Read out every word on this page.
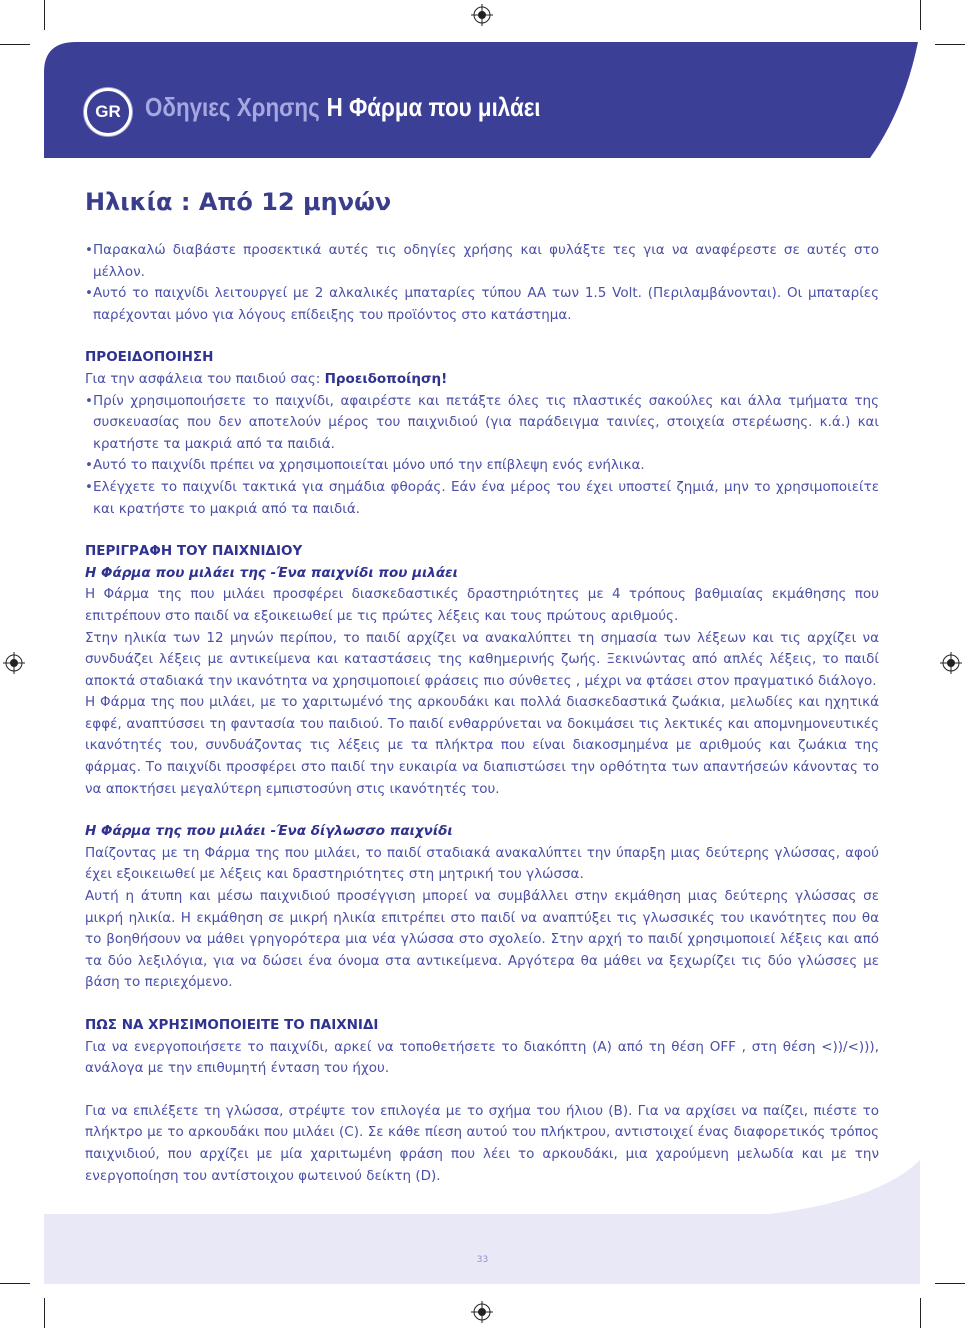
GR Οδηγιες Χρησης Η Φάρμα που μιλάει
Ηλικία : Από 12 μηνών

• Παρακαλώ διαβάστε προσεκτικά αυτές τις οδηγίες χρήσης και φυλάξτε τες για να αναφέρεστε σε αυτές στο μέλλον.

• Αυτό το παιχνίδι λειτουργεί με 2 αλκαλικές μπαταρίες τύπου AA των 1.5 Volt. (Περιλαμβάνονται). Οι μπαταρίες παρέχονται μόνο για λόγους επίδειξης του προϊόντος στο κατάστημα.

ΠΡΟΕΙΔΟΠΟΙΗΣΗ

Για την ασφάλεια του παιδιού σας: Προειδοποίηση!

• Πρίν χρησιμοποιήσετε το παιχνίδι, αφαιρέστε και πετάξτε όλες τις πλαστικές σακούλες και άλλα τμήματα της συσκευασίας που δεν αποτελούν μέρος του παιχνιδιού (για παράδειγμα ταινίες, στοιχεία στερέωσης. κ.ά.) και κρατήστε τα μακριά από τα παιδιά.

• Αυτό το παιχνίδι πρέπει να χρησιμοποιείται μόνο υπό την επίβλεψη ενός ενήλικα.

• Ελέγχετε το παιχνίδι τακτικά για σημάδια φθοράς. Εάν ένα μέρος του έχει υποστεί ζημιά, μην το χρησιμοποιείτε και κρατήστε το μακριά από τα παιδιά.

ΠΕΡΙΓΡΑΦΗ ΤΟΥ ΠΑΙΧΝΙΔΙΟΥ

Η Φάρμα που μιλάει της -Ένα παιχνίδι που μιλάει

Η Φάρμα της που μιλάει προσφέρει διασκεδαστικές δραστηριότητες με 4 τρόπους βαθμιαίας εκμάθησης που επιτρέπουν στο παιδί να εξοικειωθεί με τις πρώτες λέξεις και τους πρώτους αριθμούς.

Στην ηλικία των 12 μηνών περίπου, το παιδί αρχίζει να ανακαλύπτει τη σημασία των λέξεων και τις αρχίζει να συνδυάζει λέξεις με αντικείμενα και καταστάσεις της καθημερινής ζωής. Ξεκινώντας από απλές λέξεις, το παιδί αποκτά σταδιακά την ικανότητα να χρησιμοποιεί φράσεις πιο σύνθετες , μέχρι να φτάσει στον πραγματικό διάλογο.

Η Φάρμα της που μιλάει, με το χαριτωμένό της αρκουδάκι και πολλά διασκεδαστικά ζωάκια, μελωδίες και ηχητικά εφφέ, αναπτύσσει τη φαντασία του παιδιού. Το παιδί ενθαρρύνεται να δοκιμάσει τις λεκτικές και απομνημονευτικές ικανότητές του, συνδυάζοντας τις λέξεις με τα πλήκτρα που είναι διακοσμημένα με αριθμούς και ζωάκια της φάρμας. Το παιχνίδι προσφέρει στο παιδί την ευκαιρία να διαπιστώσει την ορθότητα των απαντήσεών κάνοντας το να αποκτήσει μεγαλύτερη εμπιστοσύνη στις ικανότητές του.

Η Φάρμα της που μιλάει -Ένα δίγλωσσο παιχνίδι

Παίζοντας με τη Φάρμα της που μιλάει, το παιδί σταδιακά ανακαλύπτει την ύπαρξη μιας δεύτερης γλώσσας, αφού έχει εξοικειωθεί με λέξεις και δραστηριότητες στη μητρική του γλώσσα.

Αυτή η άτυπη και μέσω παιχνιδιού προσέγγιση μπορεί να συμβάλλει στην εκμάθηση μιας δεύτερης γλώσσας σε μικρή ηλικία. Η εκμάθηση σε μικρή ηλικία επιτρέπει στο παιδί να αναπτύξει τις γλωσσικές του ικανότητες που θα το βοηθήσουν να μάθει γρηγορότερα μια νέα γλώσσα στο σχολείο. Στην αρχή το παιδί χρησιμοποιεί λέξεις και από τα δύο λεξιλόγια, για να δώσει ένα όνομα στα αντικείμενα. Αργότερα θα μάθει να ξεχωρίζει τις δύο γλώσσες με βάση το περιεχόμενο.

ΠΩΣ ΝΑ ΧΡΗΣΙΜΟΠΟΙΕΙΤΕ ΤΟ ΠΑΙΧΝΙΔΙ

Για να ενεργοποιήσετε το παιχνίδι, αρκεί να τοποθετήσετε το διακόπτη (A) από τη θέση OFF , στη θέση <))/<))), ανάλογα με την επιθυμητή ένταση του ήχου.

Για να επιλέξετε τη γλώσσα, στρέψτε τον επιλογέα με το σχήμα του ήλιου (B). Για να αρχίσει να παίζει, πιέστε το πλήκτρο με το αρκουδάκι που μιλάει (C). Σε κάθε πίεση αυτού του πλήκτρου, αντιστοιχεί ένας διαφορετικός τρόπος παιχνιδιού, που αρχίζει με μία χαριτωμένη φράση που λέει το αρκουδάκι, μια χαρούμενη μελωδία και με την ενεργοποίηση του αντίστοιχου φωτεινού δείκτη (D).

33
